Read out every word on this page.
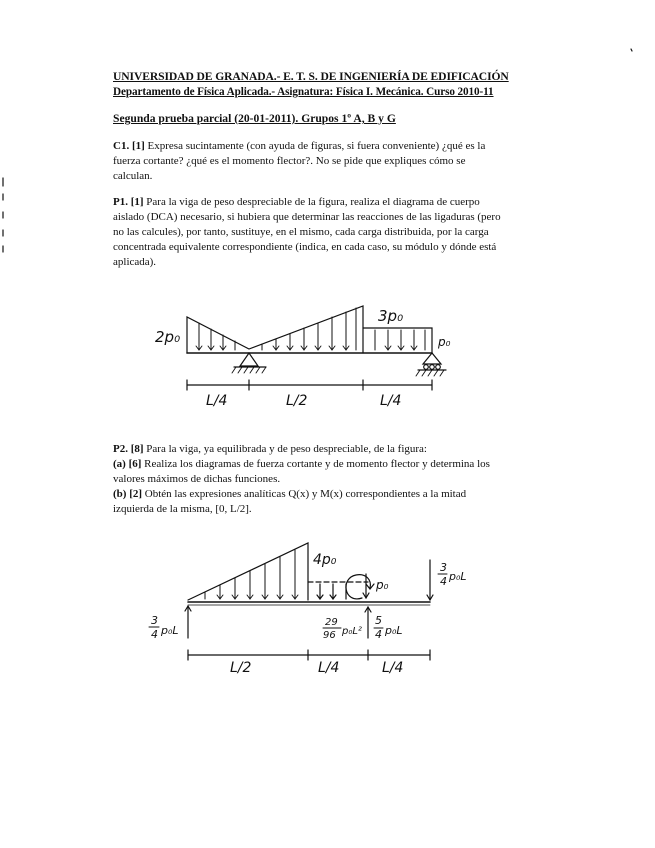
UNIVERSIDAD DE GRANADA.- E. T. S. DE INGENIERÍA DE EDIFICACIÓN
Departamento de Física Aplicada.- Asignatura: Física I. Mecánica. Curso 2010-11
Segunda prueba parcial (20-01-2011). Grupos 1º A, B y G
C1. [1] Expresa sucintamente (con ayuda de figuras, si fuera conveniente) ¿qué es la
fuerza cortante? ¿qué es el momento flector?. No se pide que expliques cómo se
calculan.
P1. [1] Para la viga de peso despreciable de la figura, realiza el diagrama de cuerpo
aislado (DCA) necesario, si hubiera que determinar las reacciones de las ligaduras (pero
no las calcules), por tanto, sustituye, en el mismo, cada carga distribuida, por la carga
concentrada equivalente correspondiente (indica, en cada caso, su módulo y dónde está
aplicada).
P2. [8] Para la viga, ya equilibrada y de peso despreciable, de la figura:
(a) [6] Realiza los diagramas de fuerza cortante y de momento flector y determina los
valores máximos de dichas funciones.
(b) [2] Obtén las expresiones analíticas Q(x) y M(x) correspondientes a la mitad
izquierda de la misma, [0, L/2].
2p₀
3p₀
p₀
L/4	L/2	L/4
4p₀
p₀
3
4 p₀L
29
96 p₀L²
5
4 p₀L
3
4 p₀L
L/2	L/4	L/4
